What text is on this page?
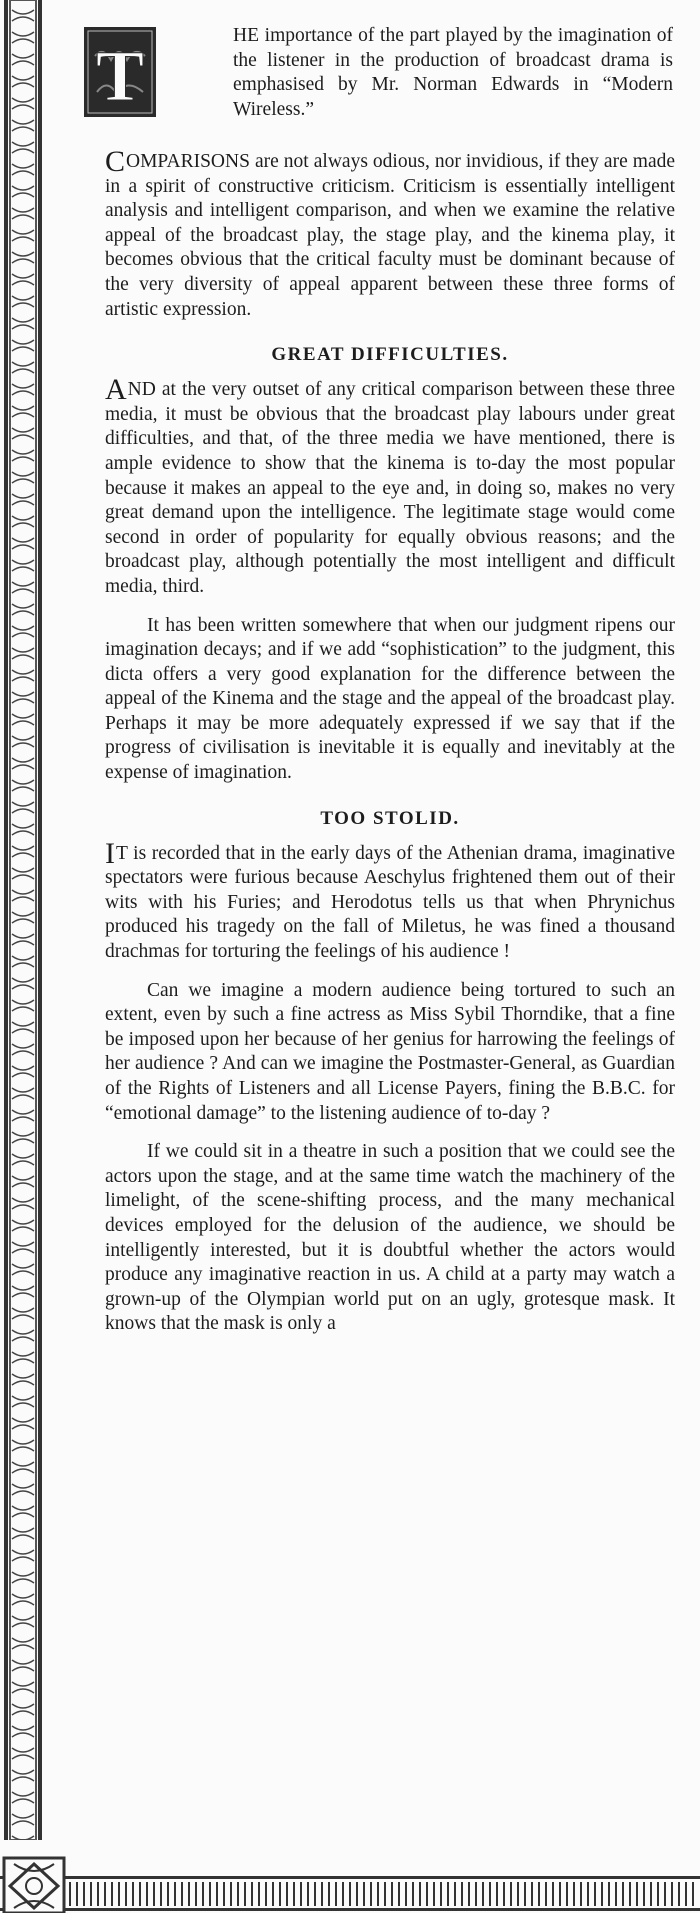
T
HE importance of the part played by the imagination of the listener in the production of broadcast drama is emphasised by Mr. Norman Edwards in “Modern Wireless.”

COMPARISONS are not always odious, nor invidious, if they are made in a spirit of constructive criticism. Criticism is essentially intelligent analysis and intelligent comparison, and when we examine the relative appeal of the broadcast play, the stage play, and the kinema play, it becomes obvious that the critical faculty must be dominant because of the very diversity of appeal apparent between these three forms of artistic expression.

GREAT DIFFICULTIES.

AND at the very outset of any critical comparison between these three media, it must be obvious that the broadcast play labours under great difficulties, and that, of the three media we have mentioned, there is ample evidence to show that the kinema is to-day the most popular because it makes an appeal to the eye and, in doing so, makes no very great demand upon the intelligence. The legitimate stage would come second in order of popularity for equally obvious reasons; and the broadcast play, although potentially the most intelligent and difficult media, third.

It has been written somewhere that when our judgment ripens our imagination decays; and if we add “sophistication” to the judgment, this dicta offers a very good explanation for the difference between the appeal of the Kinema and the stage and the appeal of the broadcast play. Perhaps it may be more adequately expressed if we say that if the progress of civilisation is inevitable it is equally and inevitably at the expense of imagination.

TOO STOLID.

IT is recorded that in the early days of the Athenian drama, imaginative spectators were furious because Aeschylus frightened them out of their wits with his Furies; and Herodotus tells us that when Phrynichus produced his tragedy on the fall of Miletus, he was fined a thousand drachmas for torturing the feelings of his audience !

Can we imagine a modern audience being tortured to such an extent, even by such a fine actress as Miss Sybil Thorndike, that a fine be imposed upon her because of her genius for harrowing the feelings of her audience ? And can we imagine the Postmaster-General, as Guardian of the Rights of Listeners and all License Payers, fining the B.B.C. for “emotional damage” to the listening audience of to-day ?

If we could sit in a theatre in such a position that we could see the actors upon the stage, and at the same time watch the machinery of the limelight, of the scene-shifting process, and the many mechanical devices employed for the delusion of the audience, we should be intelligently interested, but it is doubtful whether the actors would produce any imaginative reaction in us. A child at a party may watch a grown-up of the Olympian world put on an ugly, grotesque mask. It knows that the mask is only a
